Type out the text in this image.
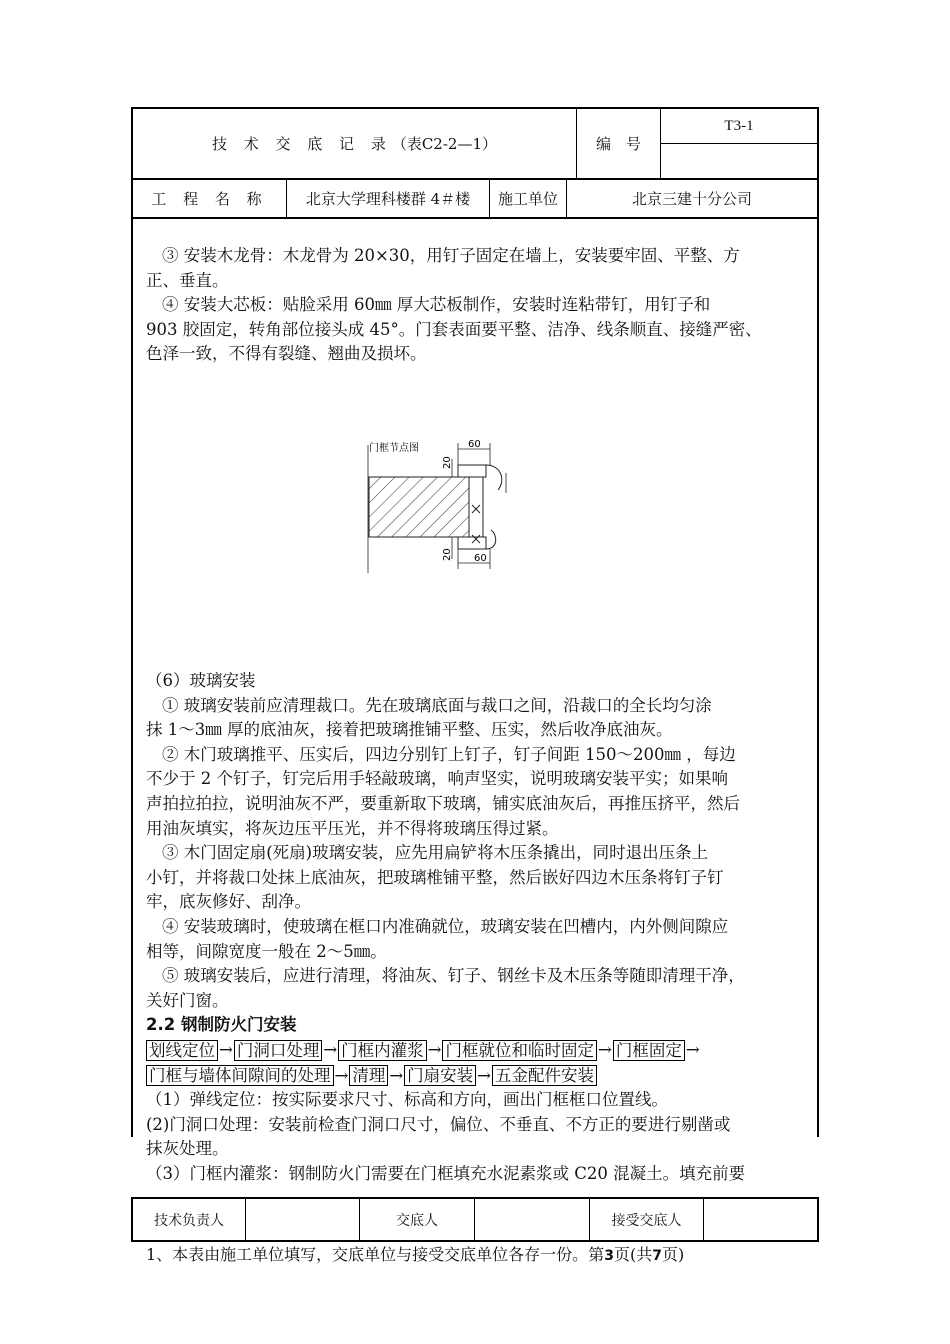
技 术 交 底 记 录 （表C2-2—1）	编　号
T3-1
工 程 名 称	北京大学理科楼群 4＃楼	施工单位	北京三建十分公司

③ 安装木龙骨：木龙骨为 20×30，用钉子固定在墙上，安装要牢固、平整、方

正、垂直。

④ 安装大芯板：贴脸采用 60㎜ 厚大芯板制作，安装时连粘带钉，用钉子和

903 胶固定，转角部位接头成 45°。门套表面要平整、洁净、线条顺直、接缝严密、

色泽一致，不得有裂缝、翘曲及损坏。

门框节点图	60
60
20
20

（6）玻璃安装

① 玻璃安装前应清理裁口。先在玻璃底面与裁口之间，沿裁口的全长均匀涂

抹 1～3㎜ 厚的底油灰，接着把玻璃推铺平整、压实，然后收净底油灰。

② 木门玻璃推平、压实后，四边分别钉上钉子，钉子间距 150～200㎜ ，每边

不少于 2 个钉子，钉完后用手轻敲玻璃，响声坚实，说明玻璃安装平实；如果响

声拍拉拍拉，说明油灰不严，要重新取下玻璃，铺实底油灰后，再推压挤平，然后

用油灰填实，将灰边压平压光，并不得将玻璃压得过紧。

③ 木门固定扇(死扇)玻璃安装，应先用扁铲将木压条撬出，同时退出压条上

小钉，并将裁口处抹上底油灰，把玻璃椎铺平整，然后嵌好四边木压条将钉子钉

牢，底灰修好、刮净。

④ 安装玻璃时，使玻璃在框口内准确就位，玻璃安装在凹槽内，内外侧间隙应

相等，间隙宽度一般在 2～5㎜。

⑤ 玻璃安装后，应进行清理，将油灰、钉子、钢丝卡及木压条等随即清理干净，

关好门窗。

2.2 钢制防火门安装

划线定位 → 门洞口处理 → 门框内灌浆 → 门框就位和临时固定 → 门框固定 →
门框与墙体间隙间的处理 → 清理 → 门扇安装 → 五金配件安装

（1）弹线定位：按实际要求尺寸、标高和方向，画出门框框口位置线。

(2)门洞口处理：安装前检查门洞口尺寸，偏位、不垂直、不方正的要进行剔凿或

抹灰处理。

（3）门框内灌浆：钢制防火门需要在门框填充水泥素浆或 C20 混凝土。填充前要

技术负责人	交底人	接受交底人
1、本表由施工单位填写，交底单位与接受交底单位各存一份。第3页(共7页)
